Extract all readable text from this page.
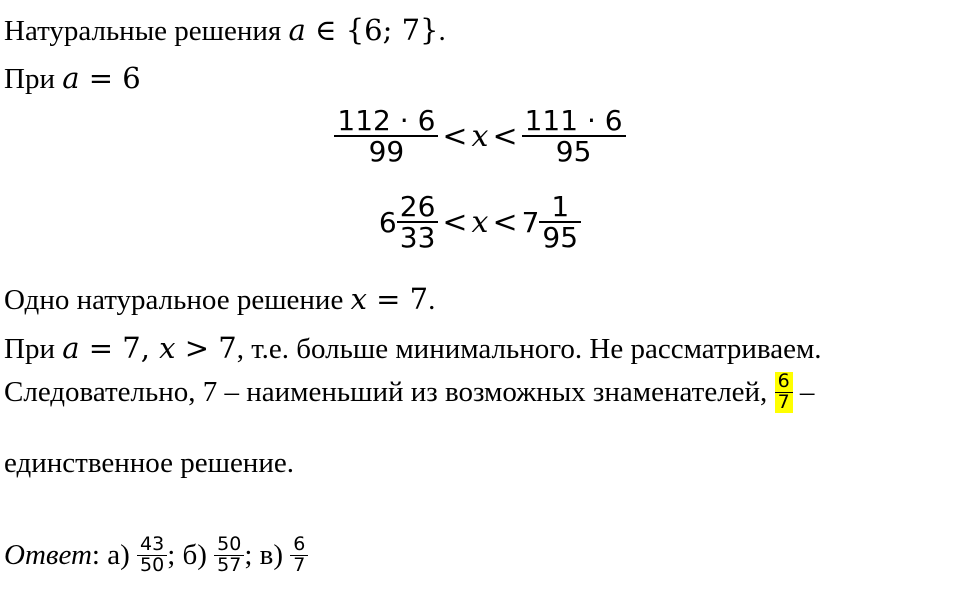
Натуральные решения a ∈ {6; 7}.
При a = 6
$\frac{112 \cdot 6}{99} < x < \frac{111 \cdot 6}{95}$
$6 \frac{26}{33} < x < 7 \frac{1}{95}$
Одно натуральное решение x = 7.
При a = 7, x > 7, т.е. больше минимального. Не рассматриваем.
Следовательно, 7 – наименьший из возможных знаменателей, $\frac{6}{7}$ –
единственное решение.
Ответ: $а) \frac{43}{50}$ ; $б) \frac{50}{57}$ ; $в) \frac{6}{7}$
